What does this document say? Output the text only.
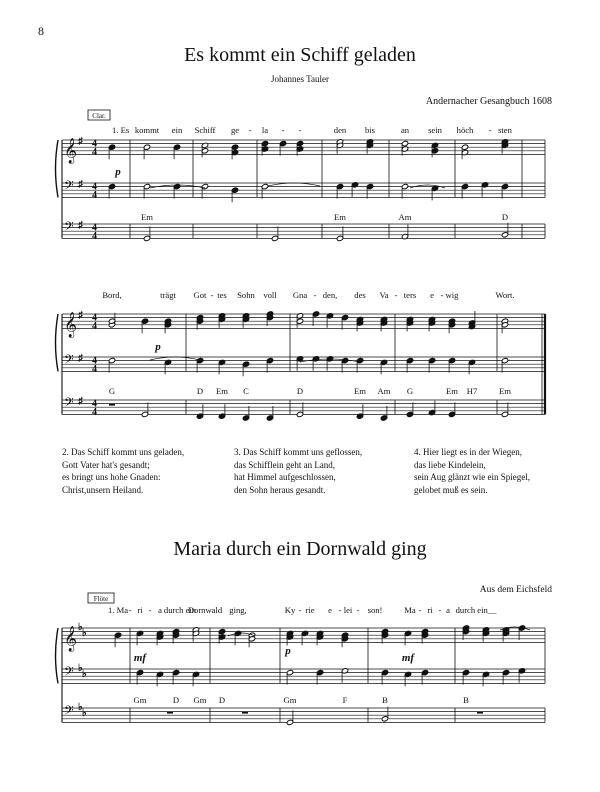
8
Es kommt ein Schiff geladen
Johannes Tauler
Andernacher Gesangbuch 1608
𝄞
𝄢
𝄢
♯
♯
♯
4
4
4
4
4
4
Clar.
1. Es kommt ein Schiff ge - la - -	den bis	an sein höch - sten
Em	Em	Am	D
p
𝄞
𝄢
𝄢
♯
♯
♯
4
4
4
4
4
4
Bord,	trägt Got - tes Sohn voll Gna - den, des Va - ters e - wig	Wort.
G	D Em C	D	Em Am G	Em H7	Em
p
𝄞
𝄢
𝄢
♭
♭
♭
♭
♭
♭
Flöte
1. Ma - ri - a durch ein
Dornwald ging,	Ky - rie e - lei - son!	Ma - ri - a durch ein__
Gm	D Gm D	Gm	F	B	B
mf
p
mf
2. Das Schiff kommt uns geladen,
Gott Vater hat's gesandt;
es bringt uns hohe Gnaden:
Christ,unsern Heiland.
3. Das Schiff kommt uns geflossen,
das Schifflein geht an Land,
hat Himmel aufgeschlossen,
den Sohn heraus gesandt.
4. Hier liegt es in der Wiegen,
das liebe Kindelein,
sein Aug glänzt wie ein Spiegel,
gelobet muß es sein.
Maria durch ein Dornwald ging
Aus dem Eichsfeld
